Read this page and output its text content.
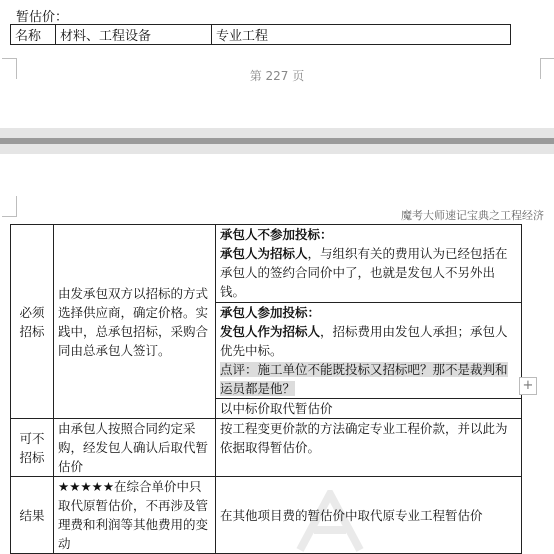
暂估价：
名称	材料、工程设备	专业工程
第 227 页
魔考大师速记宝典之工程经济
必须招标	由发承包双方以招标的方式选择供应商，确定价格。实践中，总承包招标，采购合同由总承包人签订。	承包人不参加投标：
承包人为招标人，与组织有关的费用认为已经包括在承包人的签约合同价中了，也就是发包人不另外出钱。

		承包人参加投标：
发包人作为招标人，招标费用由发包人承担；承包人优先中标。
点评：施工单位不能既投标又招标吧？那不是裁判和运员都是他？

		以中标价取代暂估价
可不招标	由承包人按照合同约定采购，经发包人确认后取代暂估价	按工程变更价款的方法确定专业工程价款，并以此为依据取得暂估价。
结果	★★★★★在综合单价中只取代原暂估价，不再涉及管理费和利润等其他费用的变动	在其他项目费的暂估价中取代原专业工程暂估价
+
